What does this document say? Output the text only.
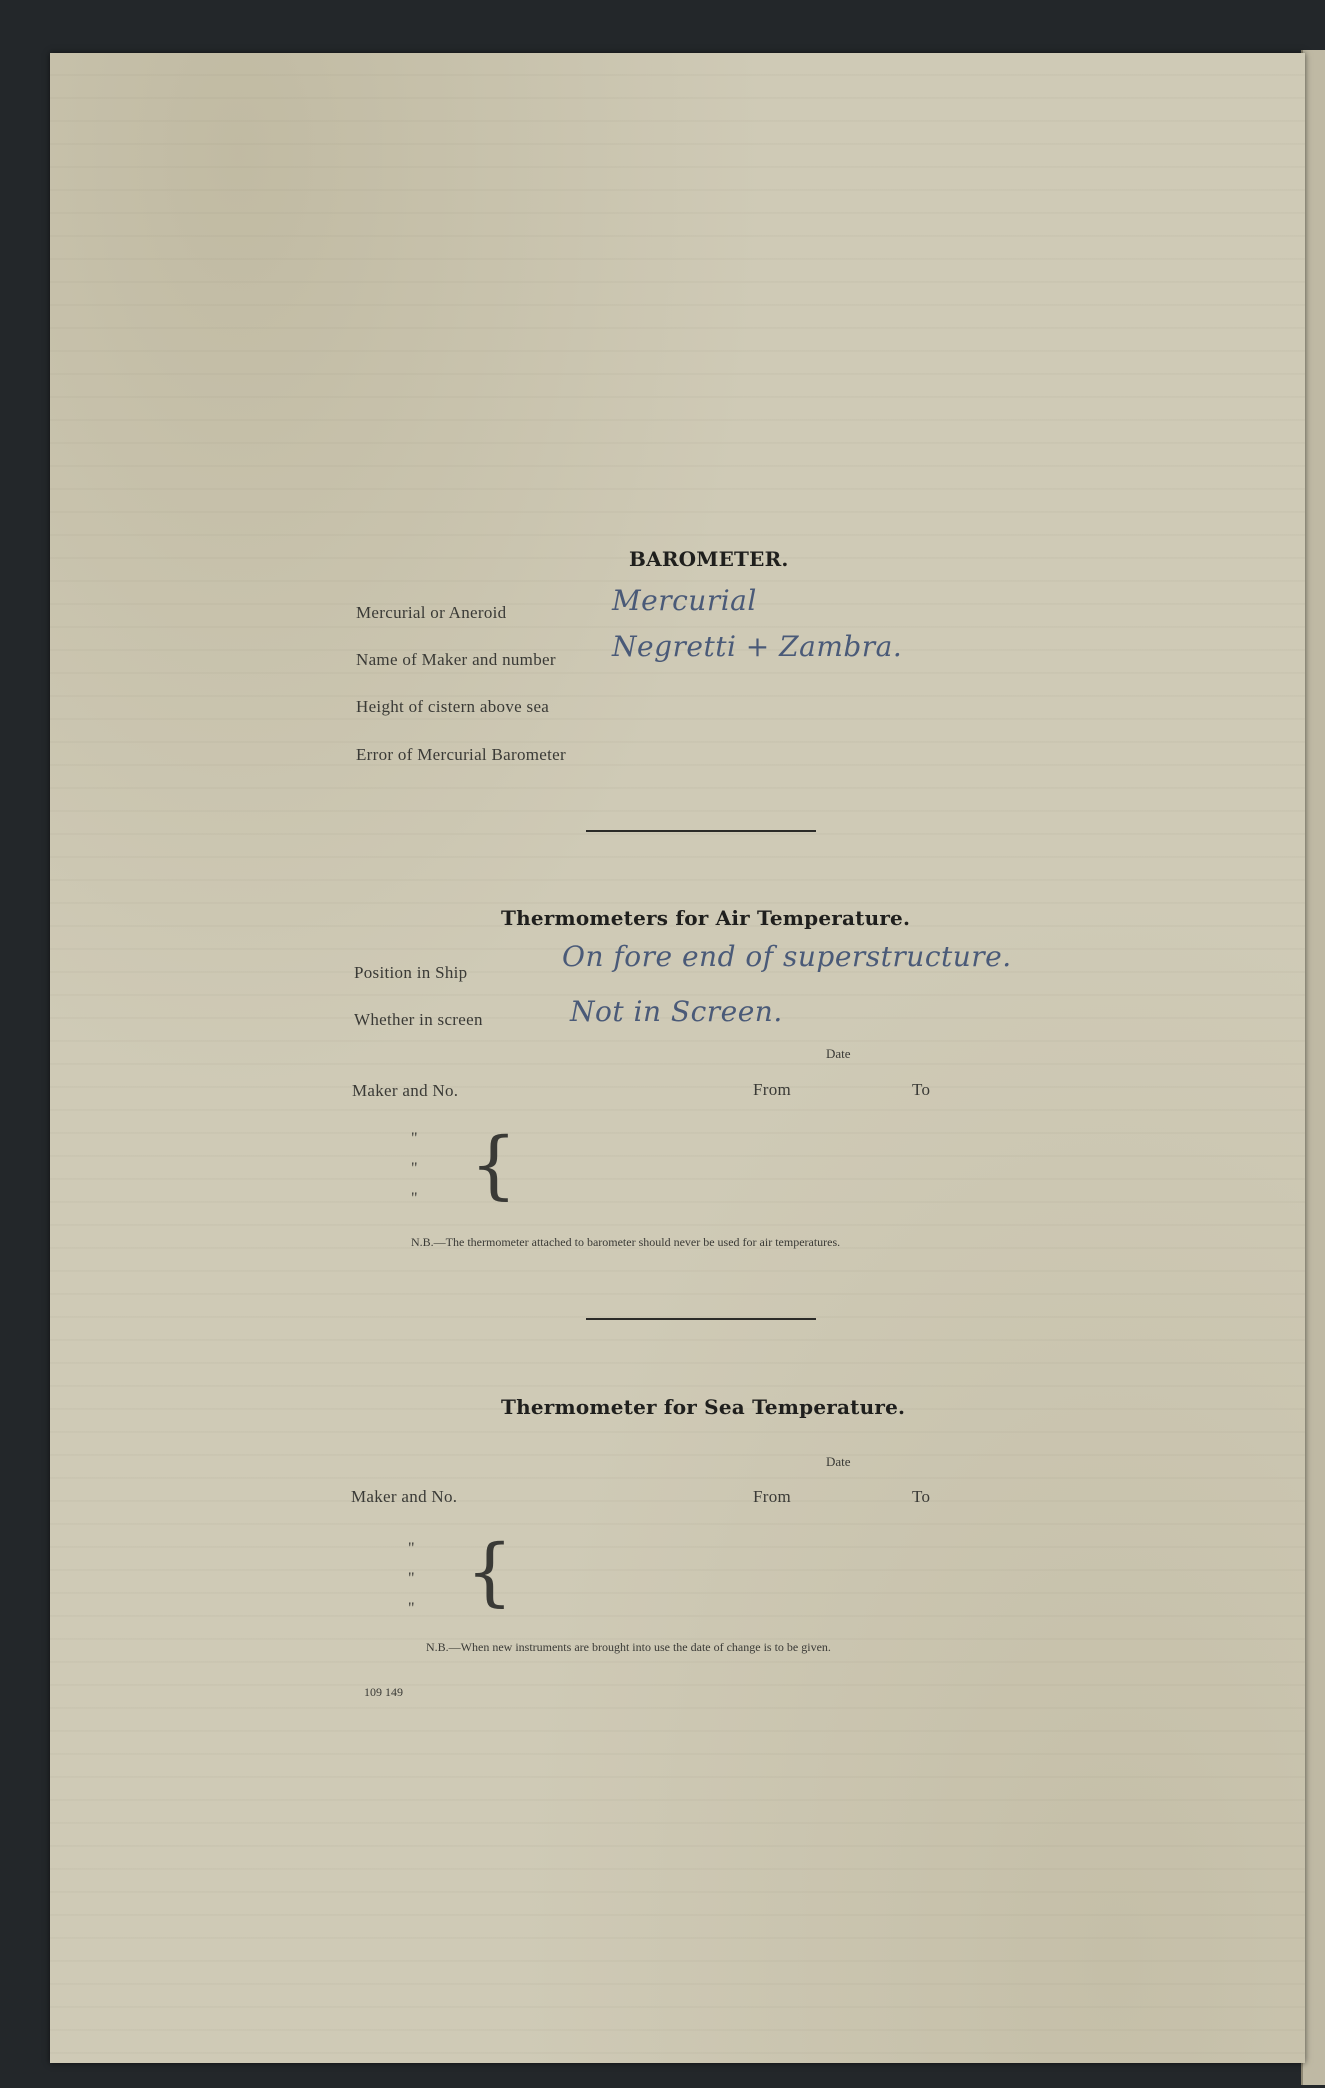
BAROMETER.
Mercurial or Aneroid	Mercurial
Name of Maker and number Negretti + Zambra.
Height of cistern above sea
Error of Mercurial Barometer
Thermometers for Air Temperature.
Position in Ship	On fore end of superstructure.
Whether in screen	Not in Screen.
Date
Maker and No.	From	To
"
"
" {
N.B.—The thermometer attached to barometer should never be used for air temperatures.
Thermometer for Sea Temperature.
Date
Maker and No.	From	To
"
"
" {
N.B.—When new instruments are brought into use the date of change is to be given.
109 149
